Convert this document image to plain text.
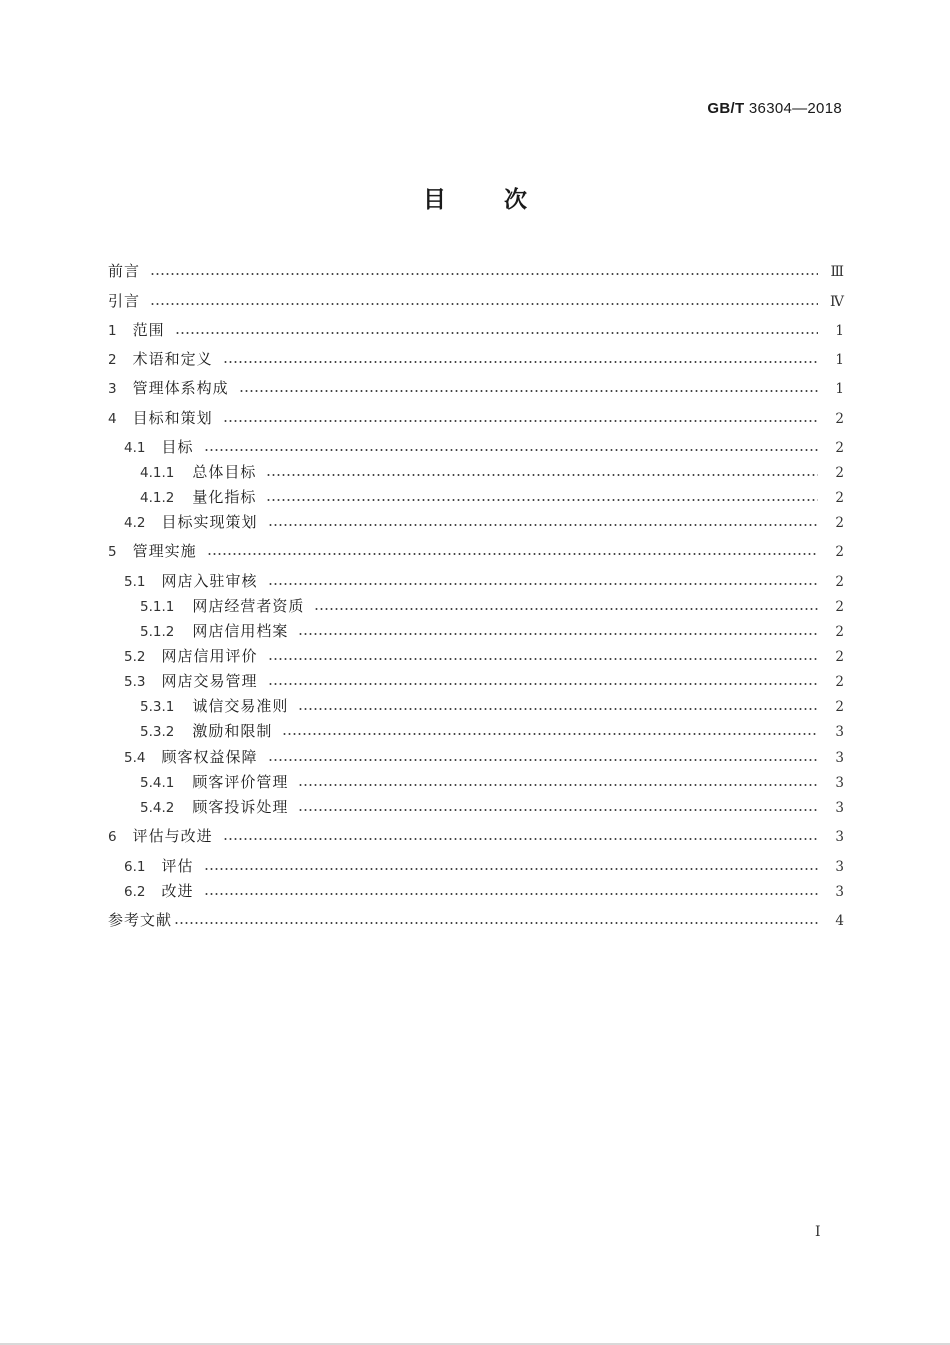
GB/T 36304—2018
目次
前言	Ⅲ
引言	Ⅳ
1 范围	1
2 术语和定义	1
3 管理体系构成	1
4 目标和策划	2
4.1 目标	2
4.1.1 总体目标	2
4.1.2 量化指标	2
4.2 目标实现策划	2
5 管理实施	2
5.1 网店入驻审核	2
5.1.1 网店经营者资质	2
5.1.2 网店信用档案	2
5.2 网店信用评价	2
5.3 网店交易管理	2
5.3.1 诚信交易准则	2
5.3.2 激励和限制	3
5.4 顾客权益保障	3
5.4.1 顾客评价管理	3
5.4.2 顾客投诉处理	3
6 评估与改进	3
6.1 评估	3
6.2 改进	3
参考文献	4
Ⅰ
